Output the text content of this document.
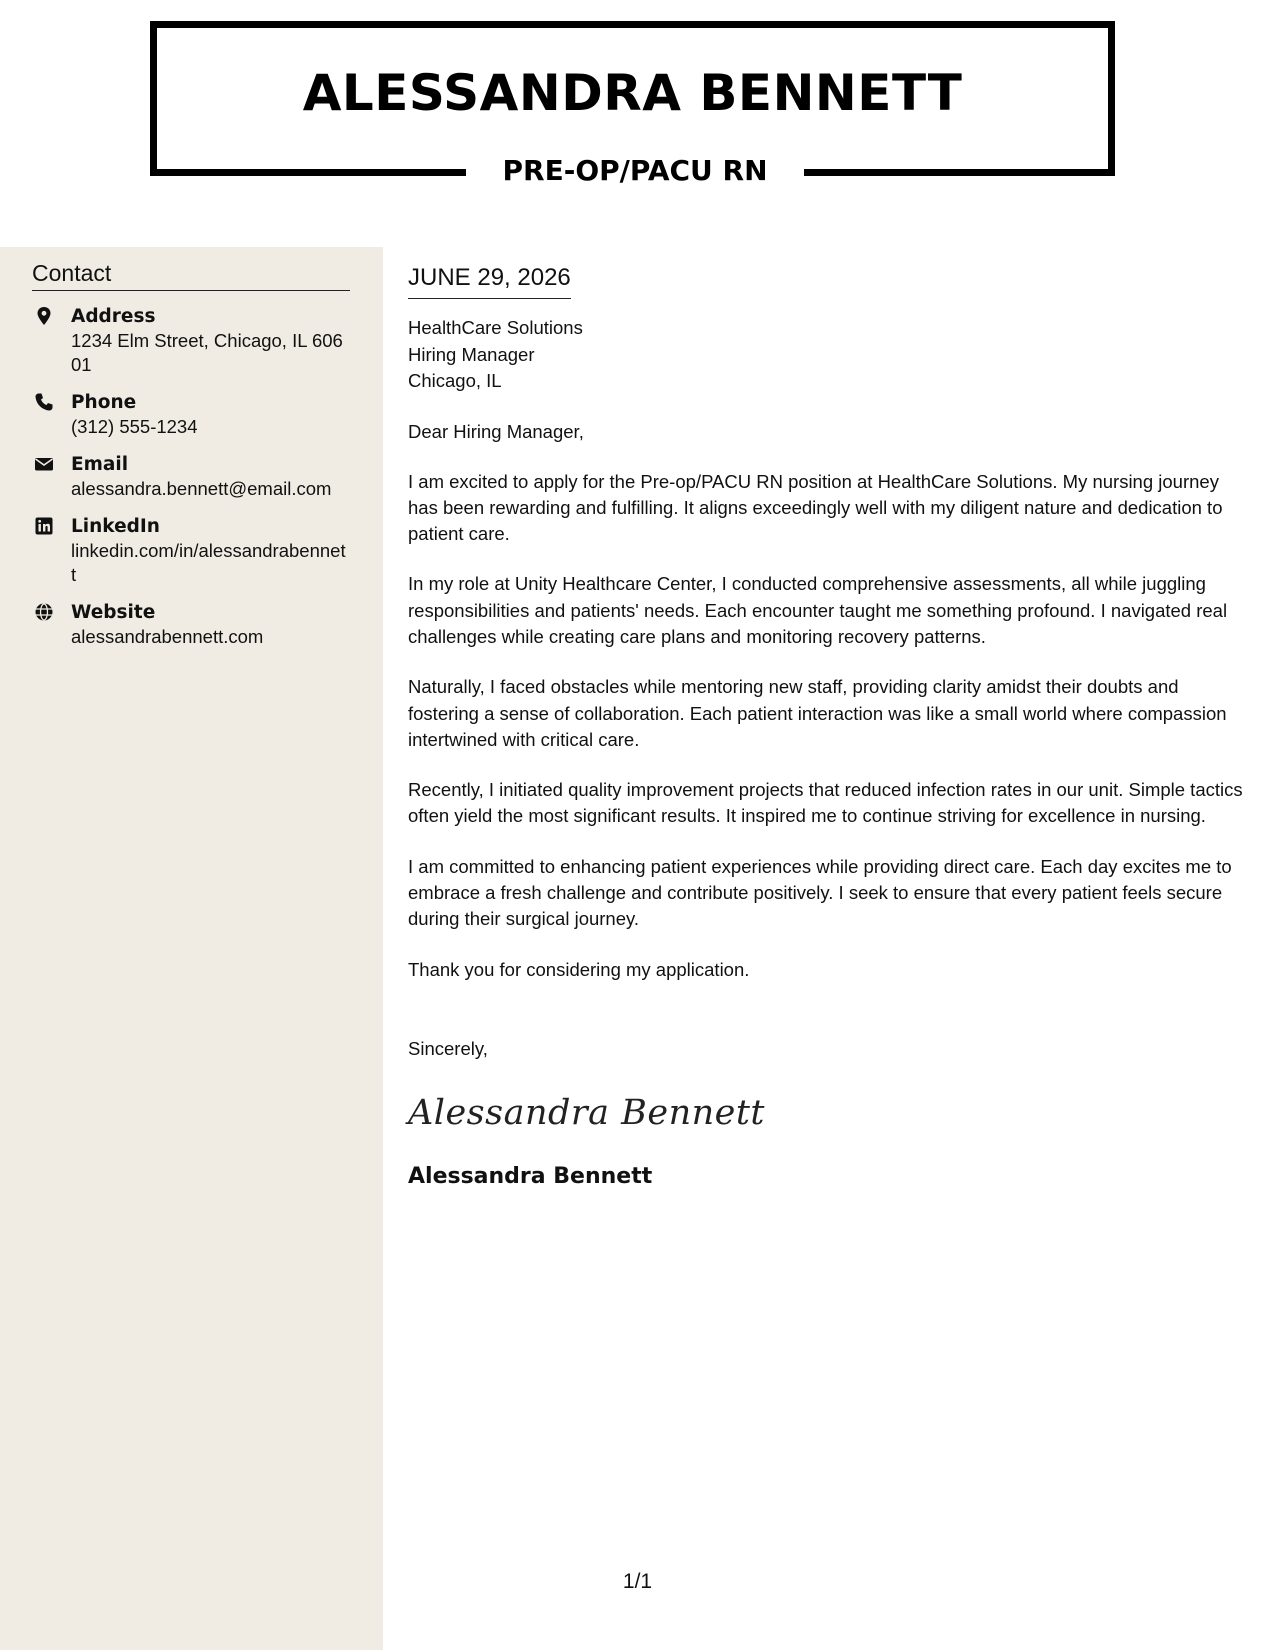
ALESSANDRA BENNETT
PRE-OP/PACU RN
Contact
Address
1234 Elm Street, Chicago, IL 60601
Phone
(312) 555-1234
Email
alessandra.bennett@email.com
LinkedIn
linkedin.com/in/alessandrabennett
Website
alessandrabennett.com
JUNE 29, 2026
HealthCare Solutions
Hiring Manager
Chicago, IL

Dear Hiring Manager,

I am excited to apply for the Pre-op/PACU RN position at HealthCare Solutions. My nursing journey has been rewarding and fulfilling. It aligns exceedingly well with my diligent nature and dedication to patient care.

In my role at Unity Healthcare Center, I conducted comprehensive assessments, all while juggling responsibilities and patients' needs. Each encounter taught me something profound. I navigated real challenges while creating care plans and monitoring recovery patterns.

Naturally, I faced obstacles while mentoring new staff, providing clarity amidst their doubts and fostering a sense of collaboration. Each patient interaction was like a small world where compassion intertwined with critical care.

Recently, I initiated quality improvement projects that reduced infection rates in our unit. Simple tactics often yield the most significant results. It inspired me to continue striving for excellence in nursing.

I am committed to enhancing patient experiences while providing direct care. Each day excites me to embrace a fresh challenge and contribute positively. I seek to ensure that every patient feels secure during their surgical journey.

Thank you for considering my application.

Sincerely,

Alessandra Bennett

Alessandra Bennett

1/1
